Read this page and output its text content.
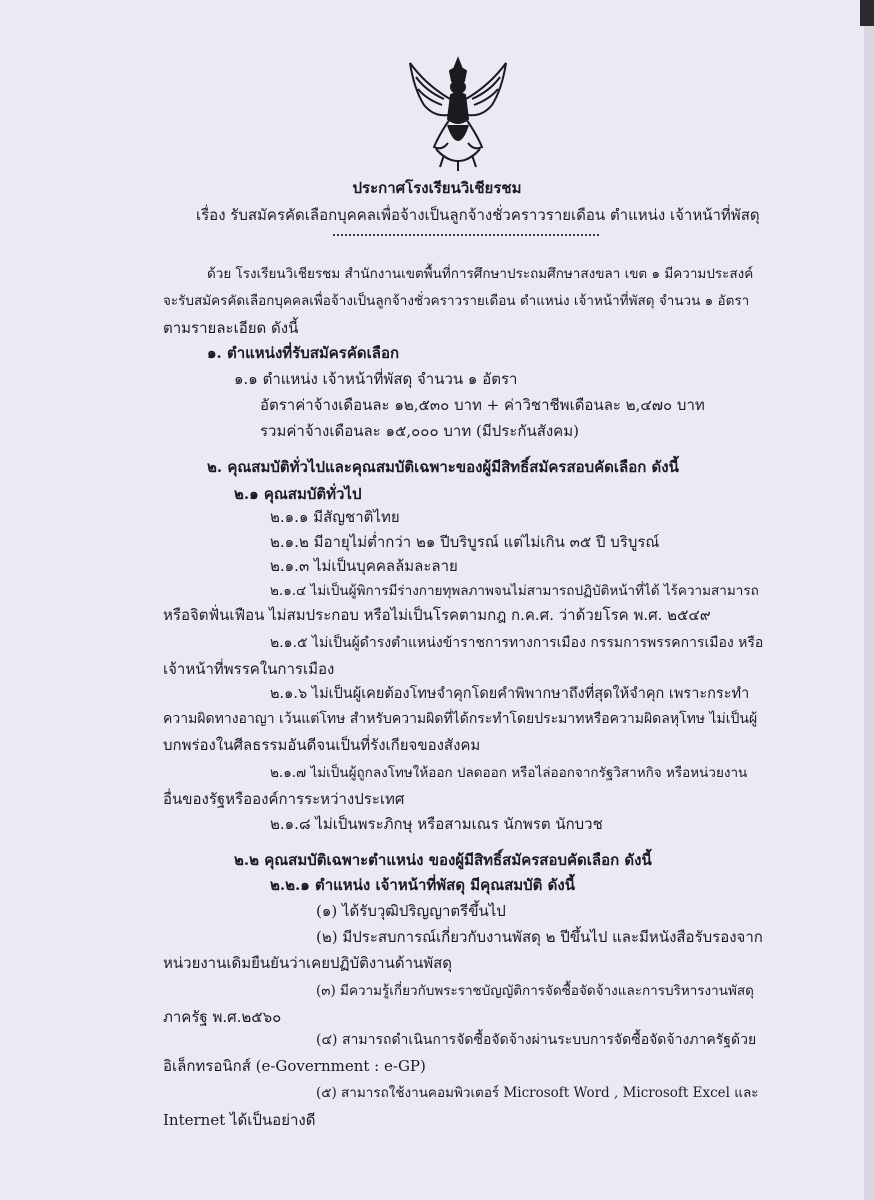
ประกาศโรงเรียนวิเชียรชม
เรื่อง รับสมัครคัดเลือกบุคคลเพื่อจ้างเป็นลูกจ้างชั่วคราวรายเดือน ตำแหน่ง เจ้าหน้าที่พัสดุ
ด้วย โรงเรียนวิเชียรชม สำนักงานเขตพื้นที่การศึกษาประถมศึกษาสงขลา เขต ๑ มีความประสงค์
จะรับสมัครคัดเลือกบุคคลเพื่อจ้างเป็นลูกจ้างชั่วคราวรายเดือน ตำแหน่ง เจ้าหน้าที่พัสดุ จำนวน ๑ อัตรา
ตามรายละเอียด ดังนี้
๑. ตำแหน่งที่รับสมัครคัดเลือก
๑.๑ ตำแหน่ง เจ้าหน้าที่พัสดุ จำนวน ๑ อัตรา
อัตราค่าจ้างเดือนละ ๑๒,๕๓๐ บาท + ค่าวิชาชีพเดือนละ ๒,๔๗๐ บาท
รวมค่าจ้างเดือนละ ๑๕,๐๐๐ บาท (มีประกันสังคม)
๒. คุณสมบัติทั่วไปและคุณสมบัติเฉพาะของผู้มีสิทธิ์สมัครสอบคัดเลือก ดังนี้
๒.๑ คุณสมบัติทั่วไป
๒.๑.๑ มีสัญชาติไทย
๒.๑.๒ มีอายุไม่ต่ำกว่า ๒๑ ปีบริบูรณ์ แต่ไม่เกิน ๓๕ ปี บริบูรณ์
๒.๑.๓ ไม่เป็นบุคคลล้มละลาย
๒.๑.๔ ไม่เป็นผู้พิการมีร่างกายทุพลภาพจนไม่สามารถปฏิบัติหน้าที่ได้ ไร้ความสามารถ
หรือจิตฟั่นเฟือน ไม่สมประกอบ หรือไม่เป็นโรคตามกฎ ก.ค.ศ. ว่าด้วยโรค พ.ศ. ๒๕๔๙
๒.๑.๕ ไม่เป็นผู้ดำรงตำแหน่งข้าราชการทางการเมือง กรรมการพรรคการเมือง หรือ
เจ้าหน้าที่พรรคในการเมือง
๒.๑.๖ ไม่เป็นผู้เคยต้องโทษจำคุกโดยคำพิพากษาถึงที่สุดให้จำคุก เพราะกระทำ
ความผิดทางอาญา เว้นแต่โทษ สำหรับความผิดที่ได้กระทำโดยประมาทหรือความผิดลหุโทษ ไม่เป็นผู้
บกพร่องในศีลธรรมอันดีจนเป็นที่รังเกียจของสังคม
๒.๑.๗ ไม่เป็นผู้ถูกลงโทษให้ออก ปลดออก หรือไล่ออกจากรัฐวิสาหกิจ หรือหน่วยงาน
อื่นของรัฐหรือองค์การระหว่างประเทศ
๒.๑.๘ ไม่เป็นพระภิกษุ หรือสามเณร นักพรต นักบวช
๒.๒ คุณสมบัติเฉพาะตำแหน่ง ของผู้มีสิทธิ์สมัครสอบคัดเลือก ดังนี้
๒.๒.๑ ตำแหน่ง เจ้าหน้าที่พัสดุ มีคุณสมบัติ ดังนี้
(๑) ได้รับวุฒิปริญญาตรีขึ้นไป
(๒) มีประสบการณ์เกี่ยวกับงานพัสดุ ๒ ปีขึ้นไป และมีหนังสือรับรองจาก
หน่วยงานเดิมยืนยันว่าเคยปฏิบัติงานด้านพัสดุ
(๓) มีความรู้เกี่ยวกับพระราชบัญญัติการจัดซื้อจัดจ้างและการบริหารงานพัสดุ
ภาครัฐ พ.ศ.๒๕๖๐
(๔) สามารถดำเนินการจัดซื้อจัดจ้างผ่านระบบการจัดซื้อจัดจ้างภาครัฐด้วย
อิเล็กทรอนิกส์ (e-Government : e-GP)
(๕) สามารถใช้งานคอมพิวเตอร์ Microsoft Word , Microsoft Excel และ
Internet ได้เป็นอย่างดี
